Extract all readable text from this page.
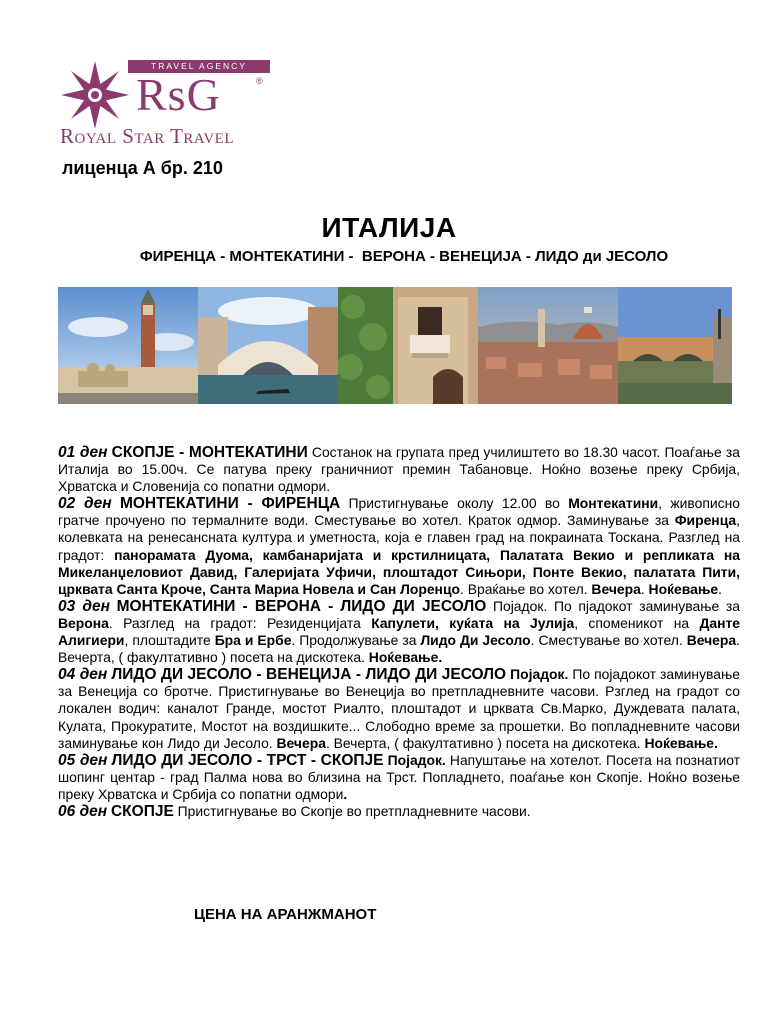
TRAVEL AGENCY
RsG	®
Royal Star Travel
лиценца А бр. 210
ИТАЛИЈА
ФИРЕНЦА - МОНТЕКАТИНИ -  ВЕРОНА - ВЕНЕЦИЈА - ЛИДО ди ЈЕСОЛО

01 ден СКОПЈЕ - МОНТЕКАТИНИ Состанок на групата пред училиштето во 18.30 часот. Поаѓање за Италија во 15.00ч. Се патува преку граничниот премин Табановце. Ноќно возење преку Србија, Хрватска и Словенија со попатни одмори.

02 ден МОНТЕКАТИНИ - ФИРЕНЦА Пристигнување околу 12.00 во Монтекатини, живописно гратче прочуено по термалните води. Сместување во хотел. Краток одмор. Заминување за Фиренца, колевката на ренесансната култура и уметноста, која е главен град на покраината Тоскана. Разглед на градот: панорамата Дуома, камбанаријата и крстилницата, Палатата Векио и репликата на Микеланџеловиот Давид, Галеријата Уфичи, плоштадот Сињори, Понте Векио, палатата Пити, црквата Санта Кроче, Санта Мариа Новела и Сан Лоренцо. Враќање во хотел. Вечера. Ноќевање.

03 ден МОНТЕКАТИНИ - ВЕРОНА - ЛИДО ДИ ЈЕСОЛО Појадок. По пјадокот заминување за Верона. Разглед на градот: Резиденцијата Капулети, куќата на Јулија, споменикот на Данте Алигиери, плоштадите Бра и Ербе. Продолжување за Лидо Ди Јесоло. Сместување во хотел. Вечера. Вечерта, ( факултативно ) посета на дискотека. Ноќевање.

04 ден ЛИДО ДИ ЈЕСОЛО - ВЕНЕЦИЈА - ЛИДО ДИ ЈЕСОЛО Појадок. По појадокот заминување за Венеција со бротче. Пристигнување во Венеција во претпладневните часови. Рзглед на градот со локален водич: каналот Гранде, мостот Риалто, плоштадот и црквата Св.Марко, Дуждевата палата, Кулата, Прокуратите, Мостот на воздишките... Слободно време за прошетки. Во попладневните часови заминување кон Лидо ди Јесоло. Вечера. Вечерта, ( факултативно ) посета на дискотека. Ноќевање.

05 ден ЛИДО ДИ ЈЕСОЛО - ТРСТ - СКОПЈЕ Појадок. Напуштање на хотелот. Посета на познатиот шопинг центар - град Палма нова во близина на Трст. Попладнето, поаѓање кон Скопје. Ноќно возење преку Хрватска и Србија со попатни одмори.

06 ден СКОПЈЕ Пристигнување во Скопје во претпладневните часови.

ЦЕНА НА АРАНЖМАНОТ
